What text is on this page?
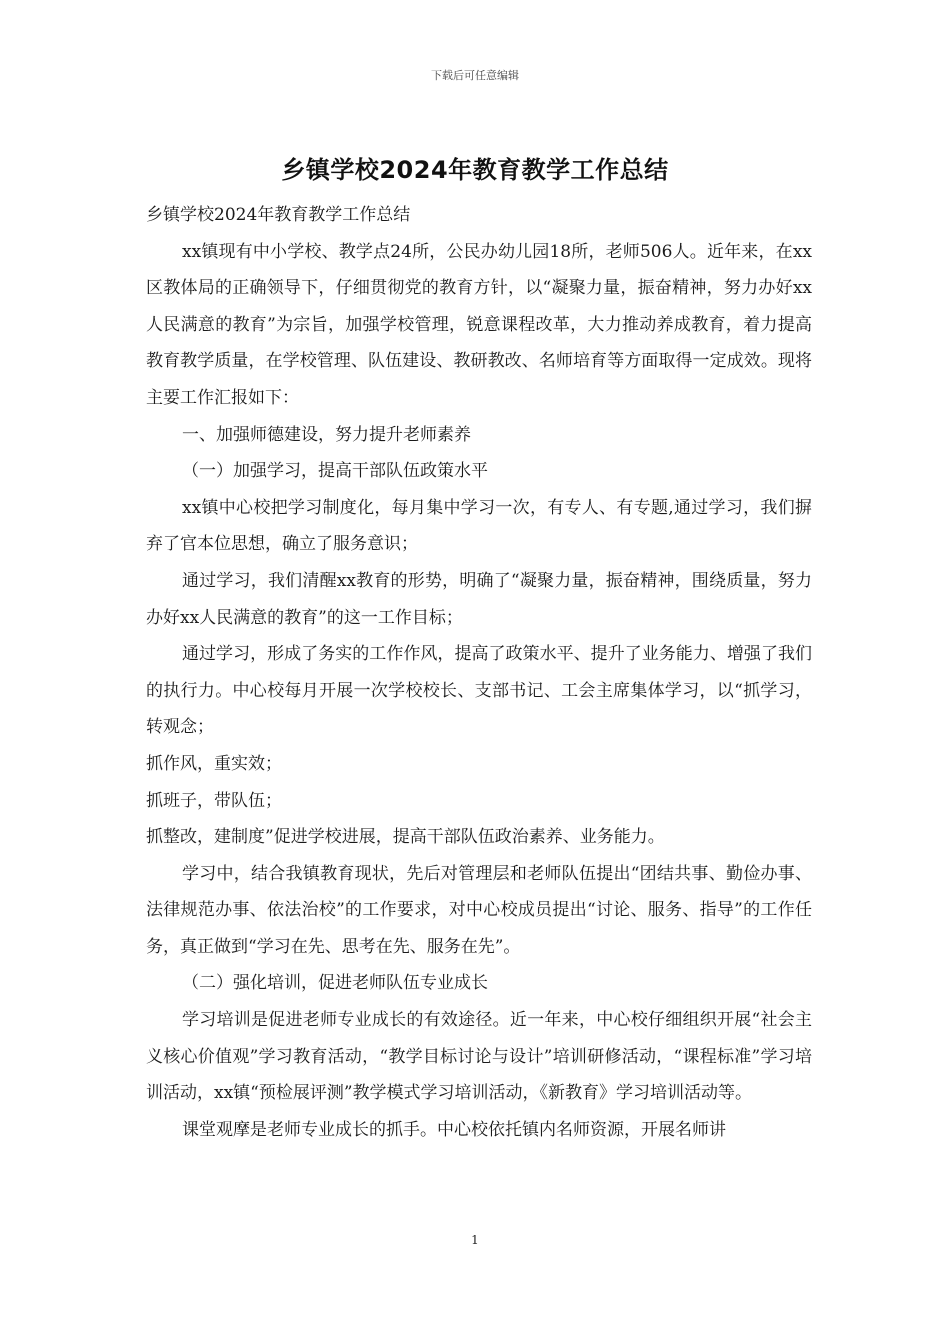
下载后可任意编辑
乡镇学校2024年教育教学工作总结

乡镇学校2024年教育教学工作总结

xx镇现有中小学校、教学点24所，公民办幼儿园18所，老师506人。近年来，在xx区教体局的正确领导下，仔细贯彻党的教育方针，以“凝聚力量，振奋精神，努力办好xx人民满意的教育”为宗旨，加强学校管理，锐意课程改革，大力推动养成教育，着力提高教育教学质量，在学校管理、队伍建设、教研教改、名师培育等方面取得一定成效。现将主要工作汇报如下：

一、加强师德建设，努力提升老师素养

（一）加强学习，提高干部队伍政策水平

xx镇中心校把学习制度化，每月集中学习一次，有专人、有专题,通过学习，我们摒弃了官本位思想，确立了服务意识；

通过学习，我们清醒xx教育的形势，明确了“凝聚力量，振奋精神，围绕质量，努力办好xx人民满意的教育”的这一工作目标；

通过学习，形成了务实的工作作风，提高了政策水平、提升了业务能力、增强了我们的执行力。中心校每月开展一次学校校长、支部书记、工会主席集体学习，以“抓学习，转观念；

抓作风，重实效；

抓班子，带队伍；

抓整改，建制度”促进学校进展，提高干部队伍政治素养、业务能力。

学习中，结合我镇教育现状，先后对管理层和老师队伍提出“团结共事、勤俭办事、法律规范办事、依法治校”的工作要求，对中心校成员提出“讨论、服务、指导”的工作任务，真正做到“学习在先、思考在先、服务在先”。

（二）强化培训，促进老师队伍专业成长

学习培训是促进老师专业成长的有效途径。近一年来，中心校仔细组织开展“社会主义核心价值观”学习教育活动，“教学目标讨论与设计”培训研修活动，“课程标准”学习培训活动，xx镇“预检展评测”教学模式学习培训活动，《新教育》学习培训活动等。

课堂观摩是老师专业成长的抓手。中心校依托镇内名师资源，开展名师讲

1
